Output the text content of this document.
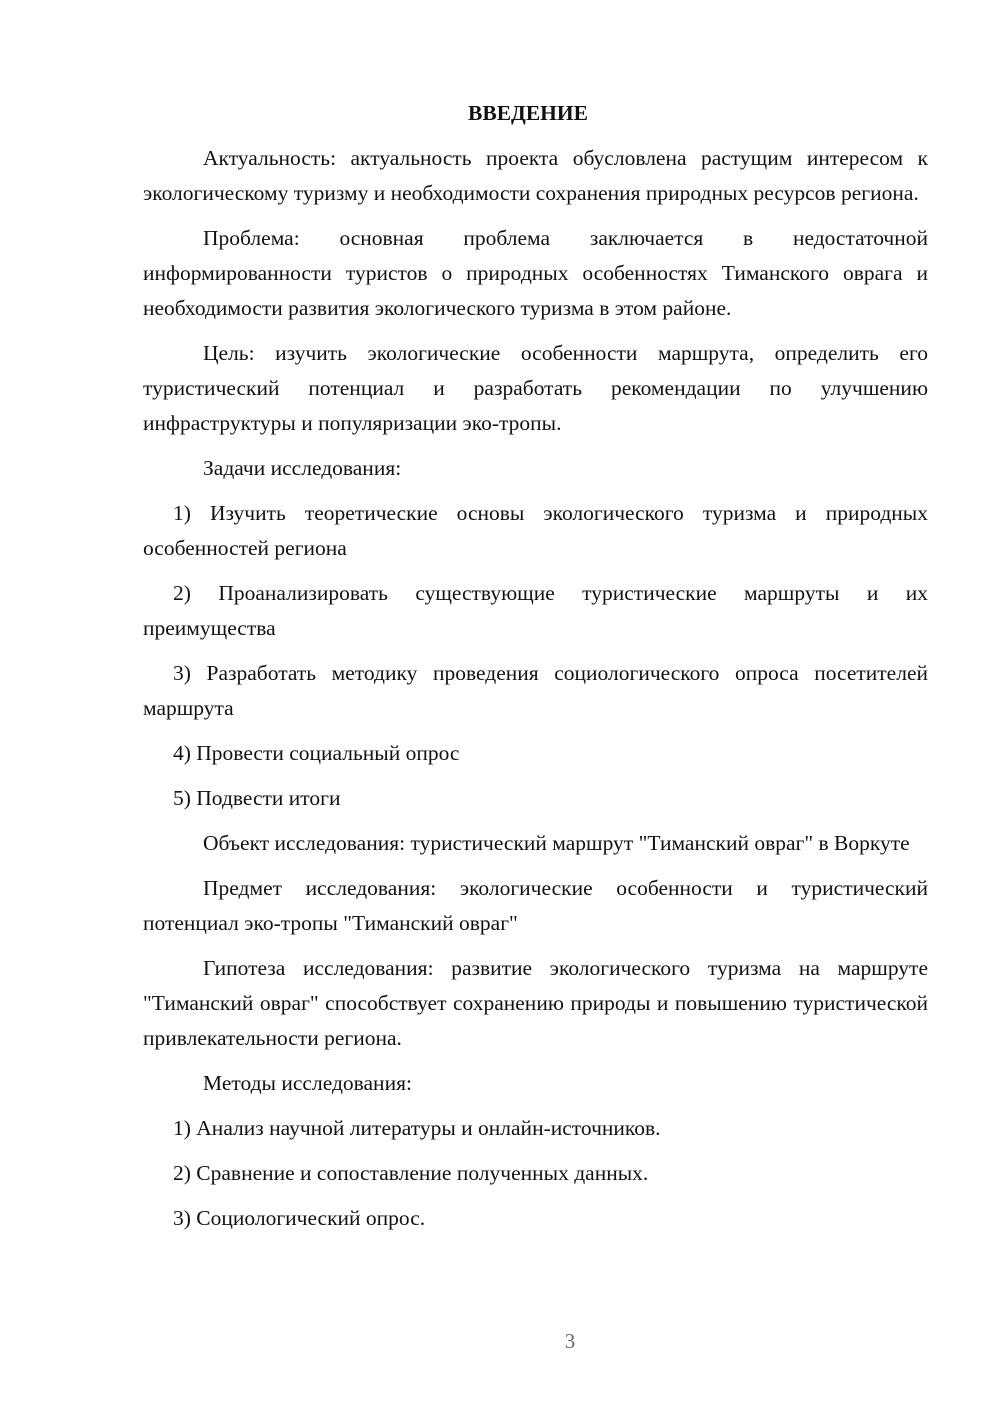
ВВЕДЕНИЕ

Актуальность: актуальность проекта обусловлена растущим интересом к экологическому туризму и необходимости сохранения природных ресурсов региона.

Проблема: основная проблема заключается в недостаточной информированности туристов о природных особенностях Тиманского оврага и необходимости развития экологического туризма в этом районе.

Цель: изучить экологические особенности маршрута, определить его туристический потенциал и разработать рекомендации по улучшению инфраструктуры и популяризации эко-тропы.

Задачи исследования:

1) Изучить теоретические основы экологического туризма и природных особенностей региона

2) Проанализировать существующие туристические маршруты и их преимущества

3) Разработать методику проведения социологического опроса посетителей маршрута

4) Провести социальный опрос

5) Подвести итоги

Объект исследования: туристический маршрут "Тиманский овраг" в Воркуте

Предмет исследования: экологические особенности и туристический потенциал эко-тропы "Тиманский овраг"

Гипотеза исследования: развитие экологического туризма на маршруте "Тиманский овраг" способствует сохранению природы и повышению туристической привлекательности региона.

Методы исследования:

1) Анализ научной литературы и онлайн-источников.

2) Сравнение и сопоставление полученных данных.

3) Социологический опрос.

3
